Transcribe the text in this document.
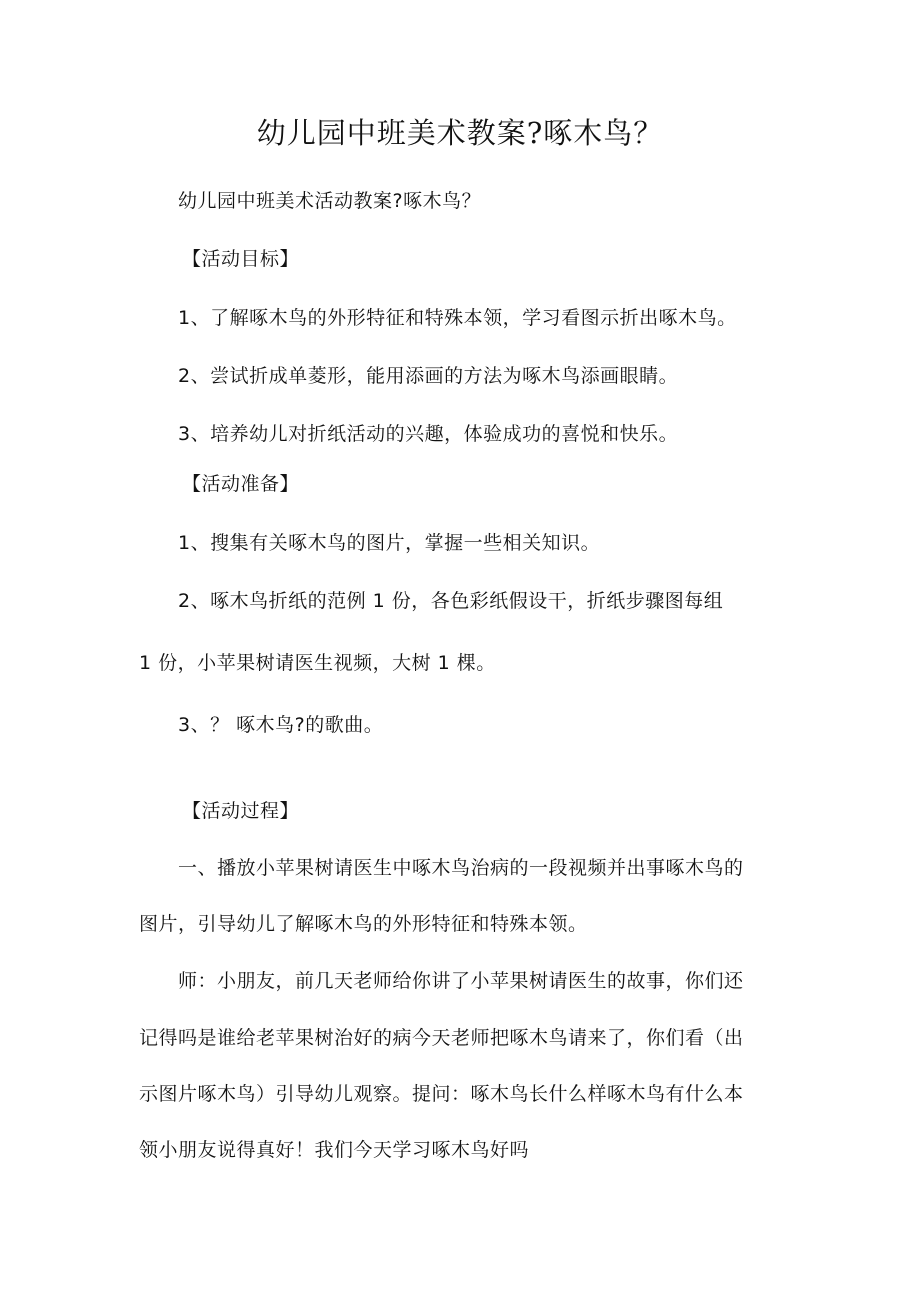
幼儿园中班美术教案?啄木鸟？
幼儿园中班美术活动教案?啄木鸟？
【活动目标】
1、了解啄木鸟的外形特征和特殊本领，学习看图示折出啄木鸟。
2、尝试折成单菱形，能用添画的方法为啄木鸟添画眼睛。
3、培养幼儿对折纸活动的兴趣，体验成功的喜悦和快乐。
【活动准备】
1、搜集有关啄木鸟的图片，掌握一些相关知识。
2、啄木鸟折纸的范例 1 份，各色彩纸假设干，折纸步骤图每组
1 份，小苹果树请医生视频，大树 1 棵。
3、？ 啄木鸟?的歌曲。
【活动过程】
一、播放小苹果树请医生中啄木鸟治病的一段视频并出事啄木鸟的
图片，引导幼儿了解啄木鸟的外形特征和特殊本领。
师：小朋友，前几天老师给你讲了小苹果树请医生的故事，你们还
记得吗是谁给老苹果树治好的病今天老师把啄木鸟请来了，你们看（出
示图片啄木鸟）引导幼儿观察。提问：啄木鸟长什么样啄木鸟有什么本
领小朋友说得真好！我们今天学习啄木鸟好吗
